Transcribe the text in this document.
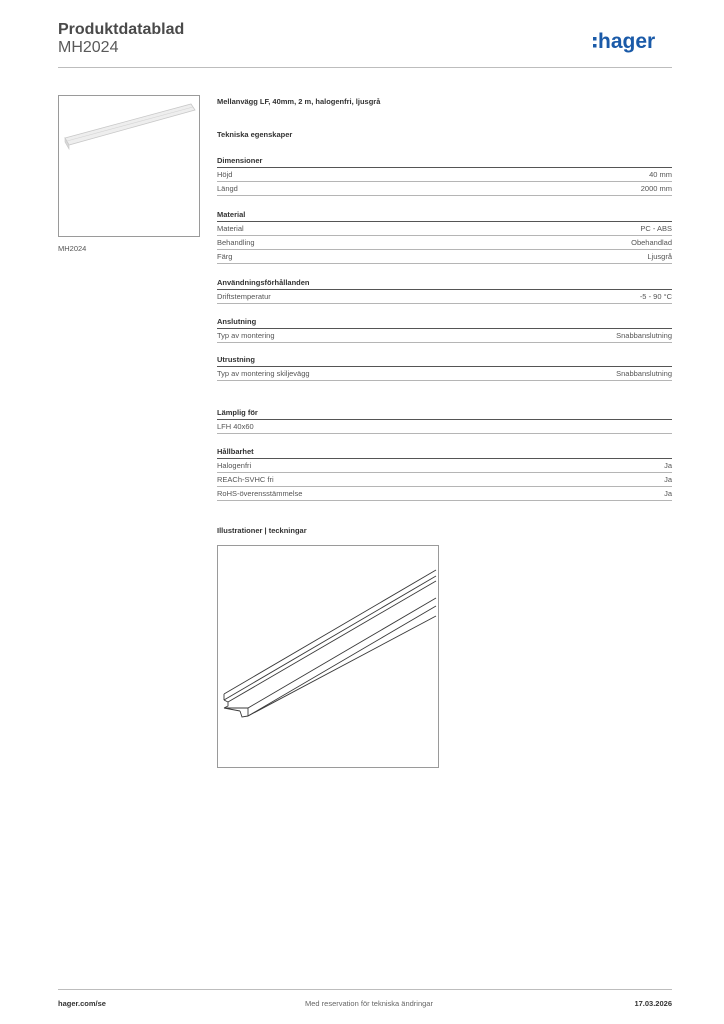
Produktdatablad
MH2024	hager
MH2024
Mellanvägg LF, 40mm, 2 m, halogenfri, ljusgrå
Tekniska egenskaper
Dimensioner
Höjd	40 mm
Längd	2000 mm
Material
Material	PC - ABS
Behandling	Obehandlad
Färg	Ljusgrå
Användningsförhållanden
Driftstemperatur	-5 - 90 °C
Anslutning
Typ av montering	Snabbanslutning
Utrustning
Typ av montering skiljevägg	Snabbanslutning
Lämplig för
LFH 40x60
Hållbarhet
Halogenfri	Ja
REACh-SVHC fri	Ja
RoHS-överensstämmelse	Ja
Illustrationer | teckningar
hager.com/se	Med reservation för tekniska ändringar	17.03.2026
